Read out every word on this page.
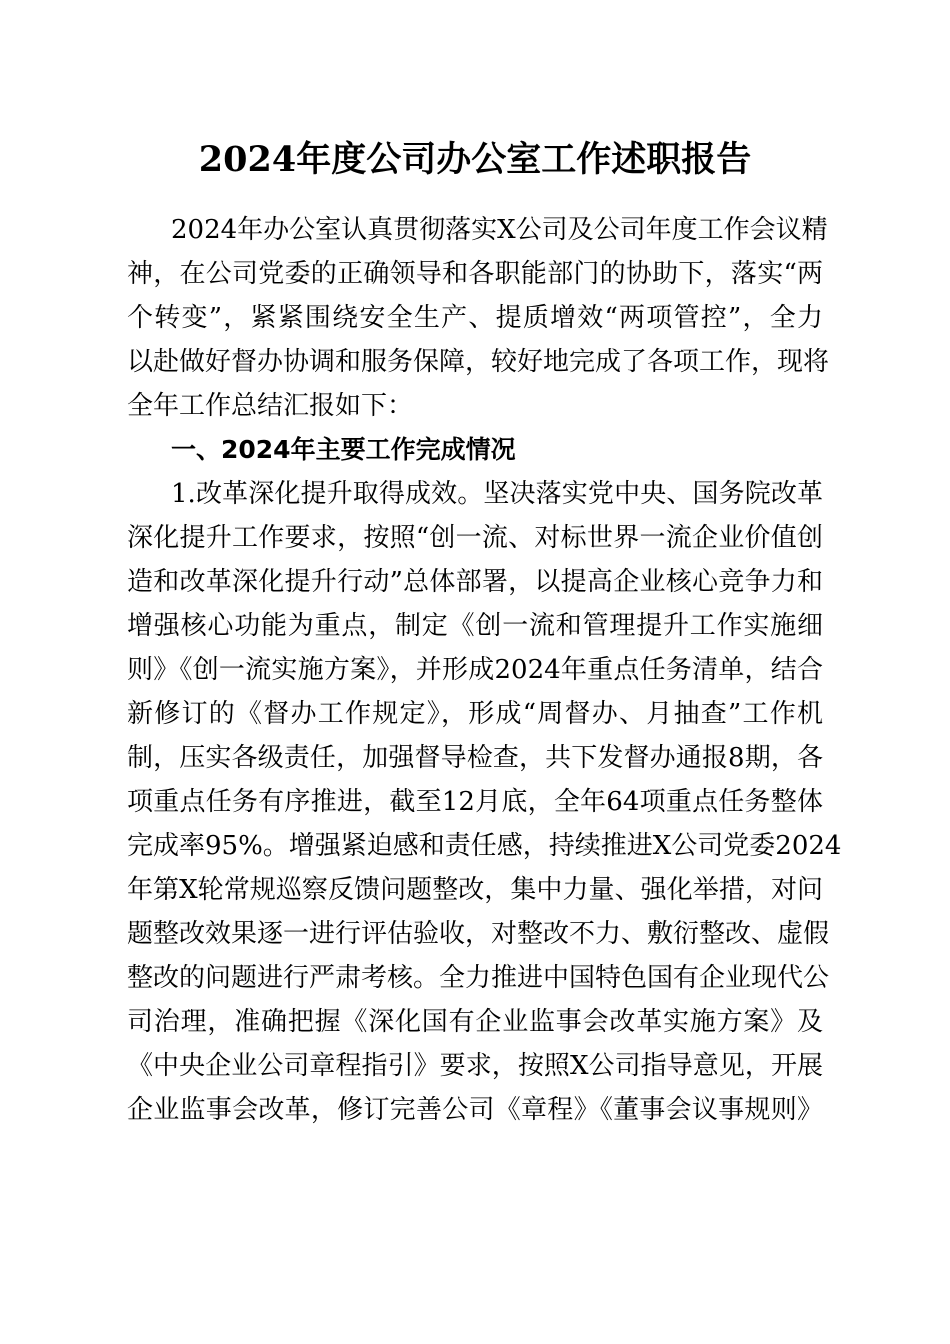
2024年度公司办公室工作述职报告

2024年办公室认真贯彻落实X公司及公司年度工作会议精

神，在公司党委的正确领导和各职能部门的协助下，落实“两

个转变”，紧紧围绕安全生产、提质增效“两项管控”，全力

以赴做好督办协调和服务保障，较好地完成了各项工作，现将

全年工作总结汇报如下：

一、2024年主要工作完成情况

1.改革深化提升取得成效。坚决落实党中央、国务院改革

深化提升工作要求，按照“创一流、对标世界一流企业价值创

造和改革深化提升行动”总体部署，以提高企业核心竞争力和

增强核心功能为重点，制定《创一流和管理提升工作实施细

则》《创一流实施方案》，并形成2024年重点任务清单，结合

新修订的《督办工作规定》，形成“周督办、月抽查”工作机

制，压实各级责任，加强督导检查，共下发督办通报8期，各

项重点任务有序推进，截至12月底，全年64项重点任务整体

完成率95%。增强紧迫感和责任感，持续推进X公司党委2024

年第X轮常规巡察反馈问题整改，集中力量、强化举措，对问

题整改效果逐一进行评估验收，对整改不力、敷衍整改、虚假

整改的问题进行严肃考核。全力推进中国特色国有企业现代公

司治理，准确把握《深化国有企业监事会改革实施方案》及

《中央企业公司章程指引》要求，按照X公司指导意见，开展

企业监事会改革，修订完善公司《章程》《董事会议事规则》
